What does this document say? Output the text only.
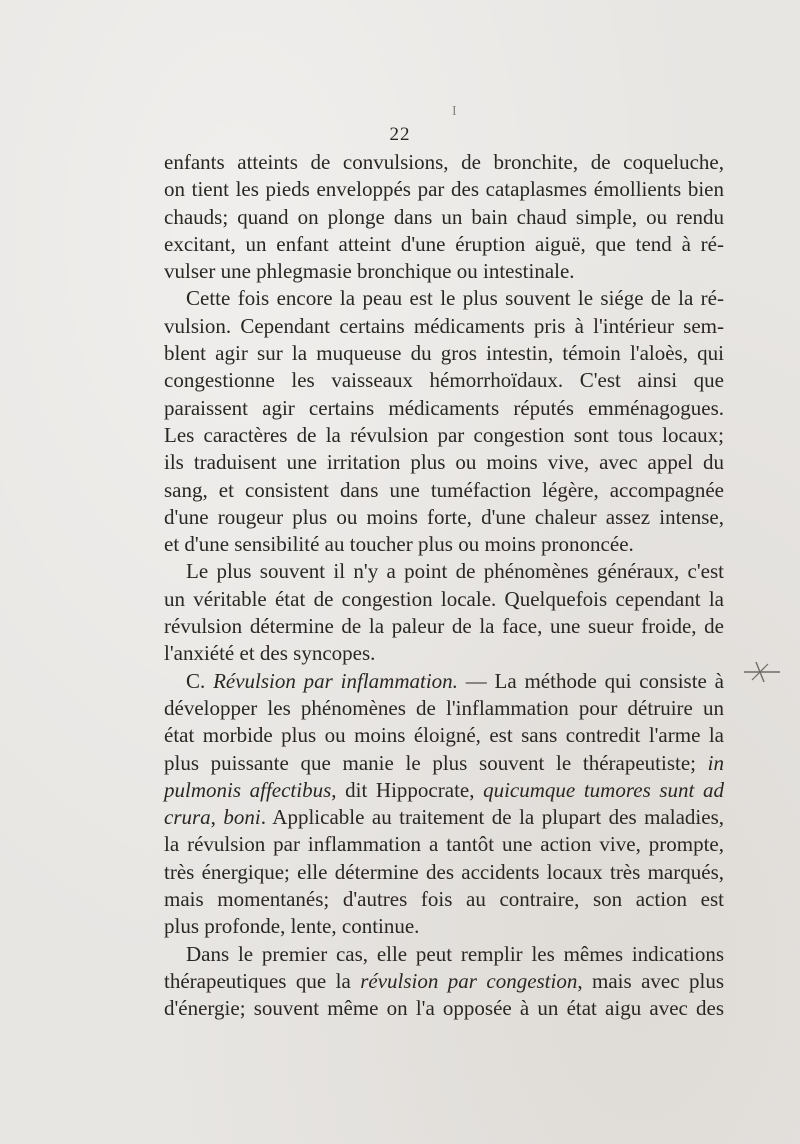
I
22
enfants atteints de convulsions, de bronchite, de coqueluche,
on tient les pieds enveloppés par des cataplasmes émollients bien
chauds; quand on plonge dans un bain chaud simple, ou rendu
excitant, un enfant atteint d'une éruption aiguë, que tend à ré-
vulser une phlegmasie bronchique ou intestinale.
Cette fois encore la peau est le plus souvent le siége de la ré-
vulsion. Cependant certains médicaments pris à l'intérieur sem-
blent agir sur la muqueuse du gros intestin, témoin l'aloès, qui
congestionne les vaisseaux hémorrhoïdaux. C'est ainsi que
paraissent agir certains médicaments réputés emménagogues.
Les caractères de la révulsion par congestion sont tous locaux;
ils traduisent une irritation plus ou moins vive, avec appel du
sang, et consistent dans une tuméfaction légère, accompagnée
d'une rougeur plus ou moins forte, d'une chaleur assez intense,
et d'une sensibilité au toucher plus ou moins prononcée.
Le plus souvent il n'y a point de phénomènes généraux, c'est
un véritable état de congestion locale. Quelquefois cependant la
révulsion détermine de la paleur de la face, une sueur froide, de
l'anxiété et des syncopes.
C. Révulsion par inflammation. — La méthode qui consiste à
développer les phénomènes de l'inflammation pour détruire un
état morbide plus ou moins éloigné, est sans contredit l'arme la
plus puissante que manie le plus souvent le thérapeutiste; in
pulmonis affectibus, dit Hippocrate, quicumque tumores sunt ad
crura, boni. Applicable au traitement de la plupart des maladies,
la révulsion par inflammation a tantôt une action vive, prompte,
très énergique; elle détermine des accidents locaux très marqués,
mais momentanés; d'autres fois au contraire, son action est
plus profonde, lente, continue.
Dans le premier cas, elle peut remplir les mêmes indications
thérapeutiques que la révulsion par congestion, mais avec plus
d'énergie; souvent même on l'a opposée à un état aigu avec des
